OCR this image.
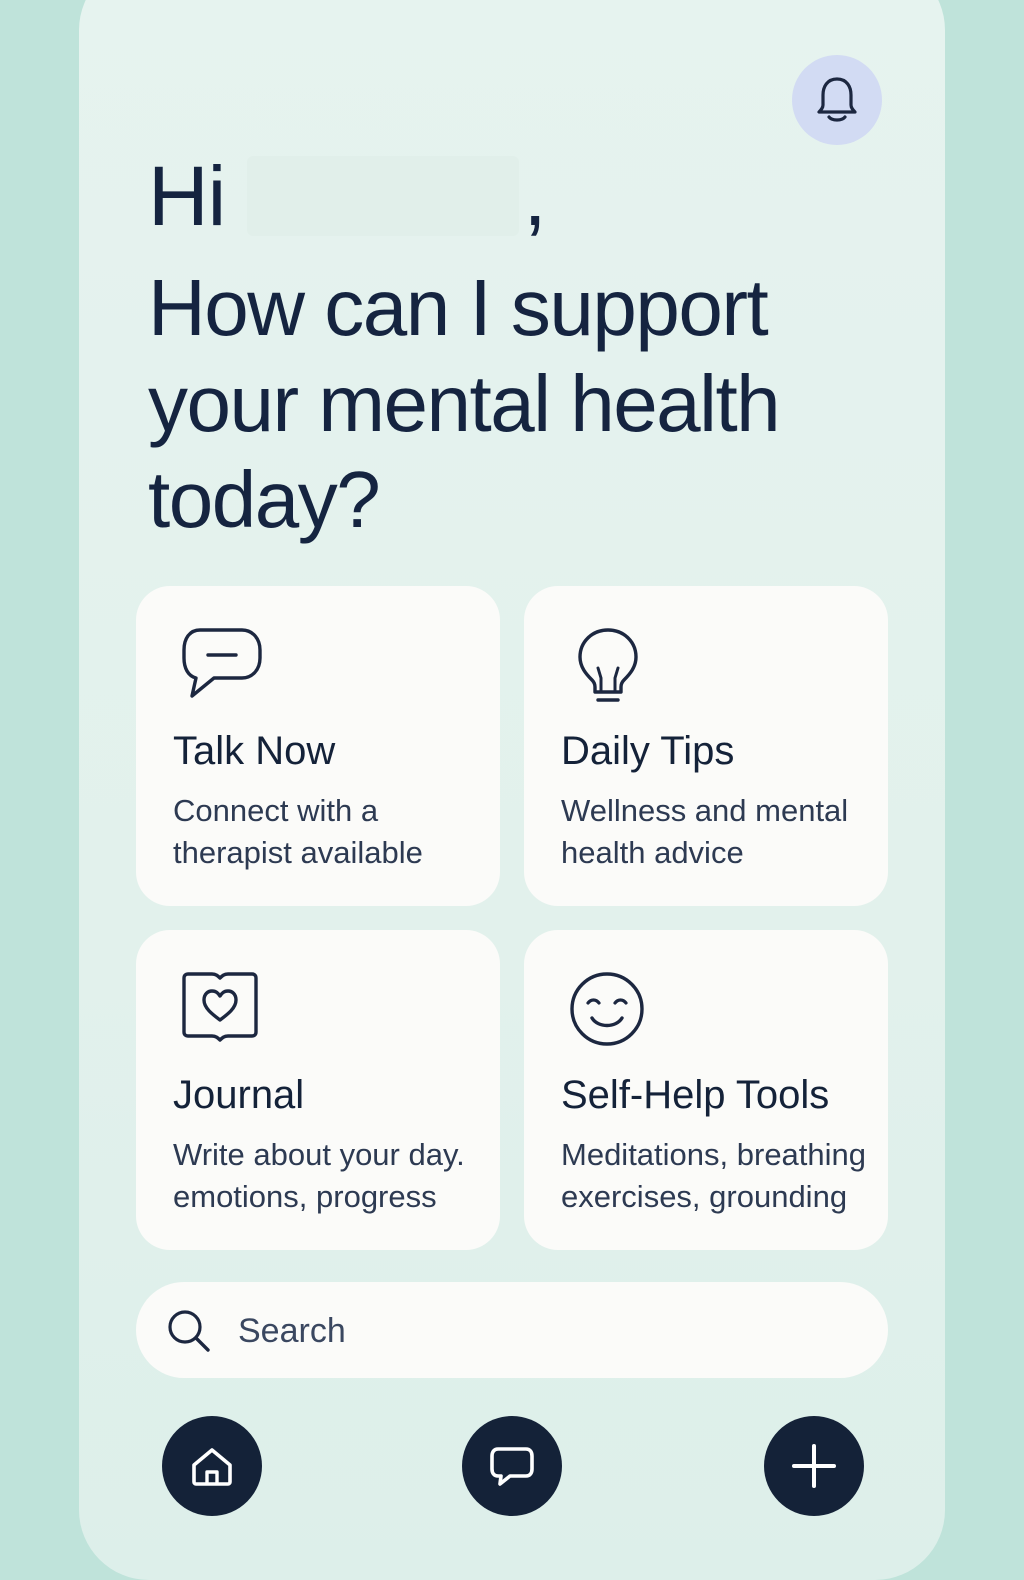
Hi	,
How can I support your mental health today?
Talk Now
Connect with a therapist available
Daily Tips
Wellness and mental health advice
Journal
Write about your day. emotions, progress
Self-Help Tools
Meditations, breathing exercises, grounding
Search
